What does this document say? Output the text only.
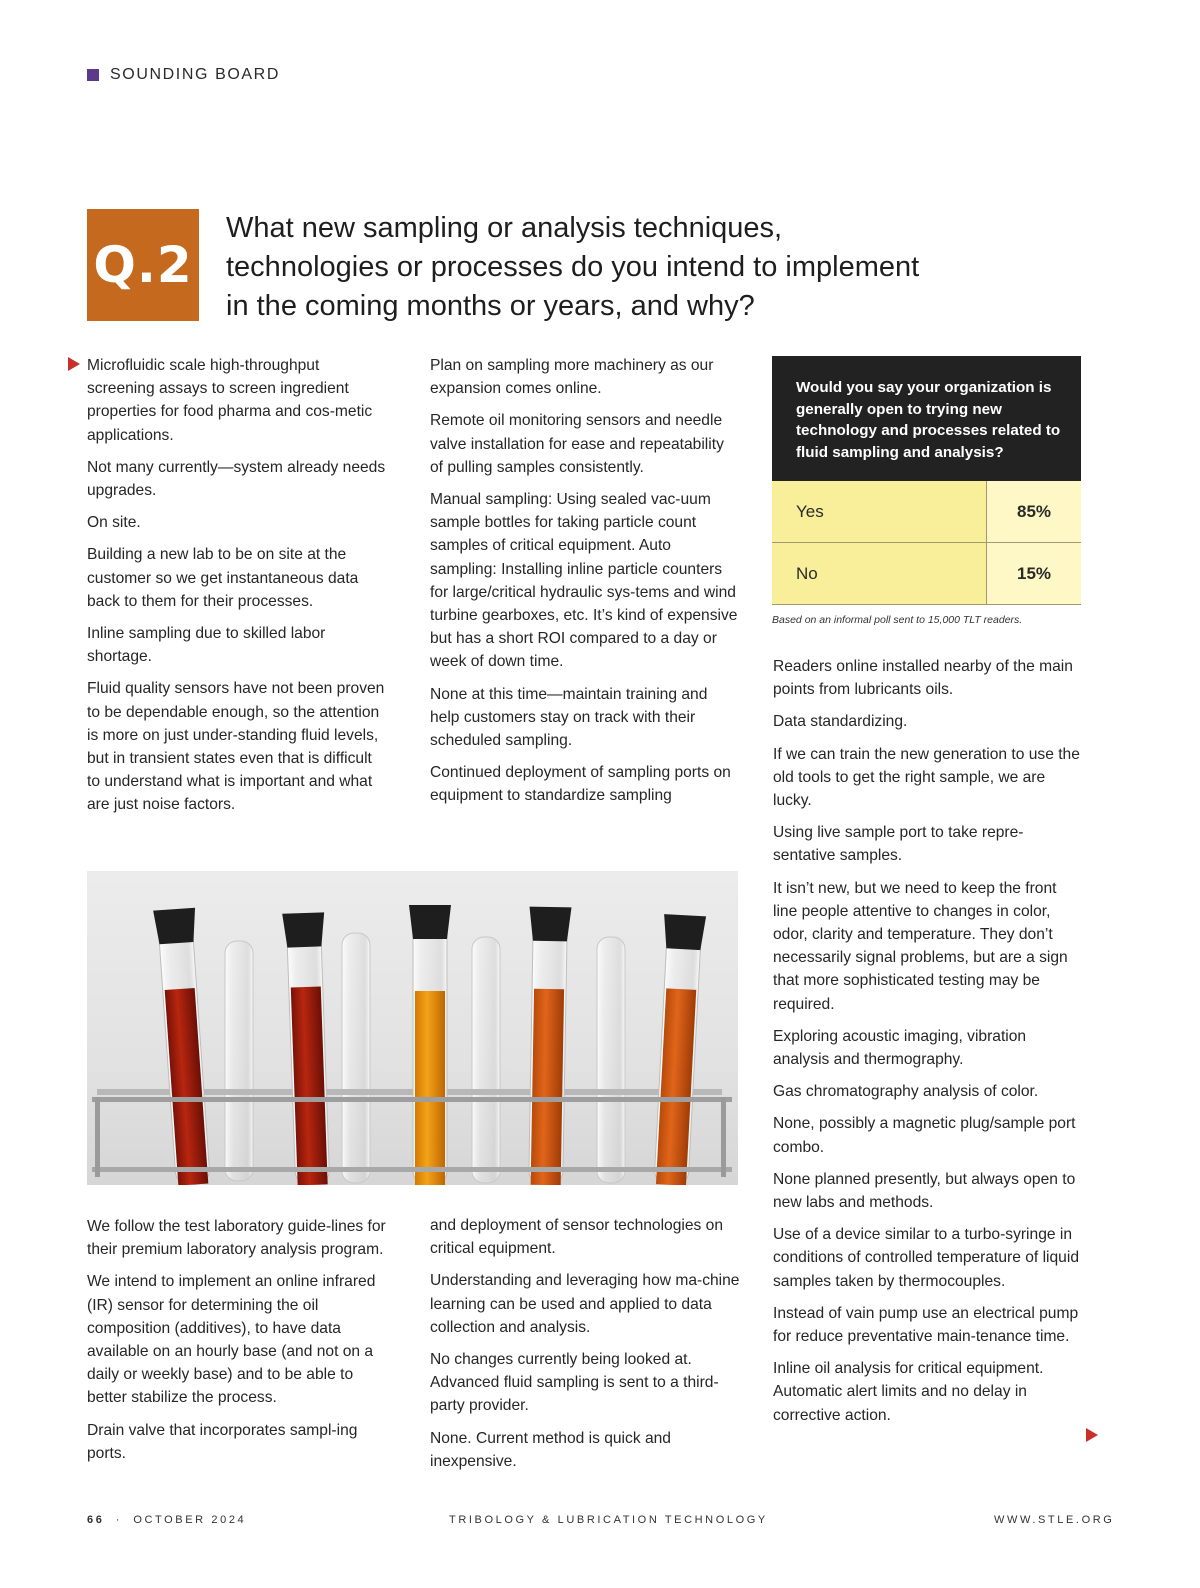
SOUNDING BOARD
Q.2
What new sampling or analysis techniques, technologies or processes do you intend to implement in the coming months or years, and why?

Microfluidic scale high-throughput screening assays to screen ingredient properties for food pharma and cos-metic applications.

Not many currently—system already needs upgrades.

On site.

Building a new lab to be on site at the customer so we get instantaneous data back to them for their processes.

Inline sampling due to skilled labor shortage.

Fluid quality sensors have not been proven to be dependable enough, so the attention is more on just under-standing fluid levels, but in transient states even that is difficult to understand what is important and what are just noise factors.

Plan on sampling more machinery as our expansion comes online.

Remote oil monitoring sensors and needle valve installation for ease and repeatability of pulling samples consistently.

Manual sampling: Using sealed vac-uum sample bottles for taking particle count samples of critical equipment. Auto sampling: Installing inline particle counters for large/critical hydraulic sys-tems and wind turbine gearboxes, etc. It’s kind of expensive but has a short ROI compared to a day or week of down time.

None at this time—maintain training and help customers stay on track with their scheduled sampling.

Continued deployment of sampling ports on equipment to standardize sampling

Would you say your organization is generally open to trying new technology and processes related to fluid sampling and analysis?
Yes	85%
No	15%
Based on an informal poll sent to 15,000 TLT readers.

Readers online installed nearby of the main points from lubricants oils.

Data standardizing.

If we can train the new generation to use the old tools to get the right sample, we are lucky.

Using live sample port to take repre-sentative samples.

It isn’t new, but we need to keep the front line people attentive to changes in color, odor, clarity and temperature. They don’t necessarily signal problems, but are a sign that more sophisticated testing may be required.

Exploring acoustic imaging, vibration analysis and thermography.

Gas chromatography analysis of color.

None, possibly a magnetic plug/sample port combo.

None planned presently, but always open to new labs and methods.

Use of a device similar to a turbo-syringe in conditions of controlled temperature of liquid samples taken by thermocouples.

Instead of vain pump use an electrical pump for reduce preventative main-tenance time.

Inline oil analysis for critical equipment. Automatic alert limits and no delay in corrective action.

We follow the test laboratory guide-lines for their premium laboratory analysis program.

We intend to implement an online infrared (IR) sensor for determining the oil composition (additives), to have data available on an hourly base (and not on a daily or weekly base) and to be able to better stabilize the process.

Drain valve that incorporates sampl-ing ports.

and deployment of sensor technologies on critical equipment.

Understanding and leveraging how ma-chine learning can be used and applied to data collection and analysis.

No changes currently being looked at. Advanced fluid sampling is sent to a third-party provider.

None. Current method is quick and inexpensive.

66 · OCTOBER 2024	TRIBOLOGY & LUBRICATION TECHNOLOGY	WWW.STLE.ORG
